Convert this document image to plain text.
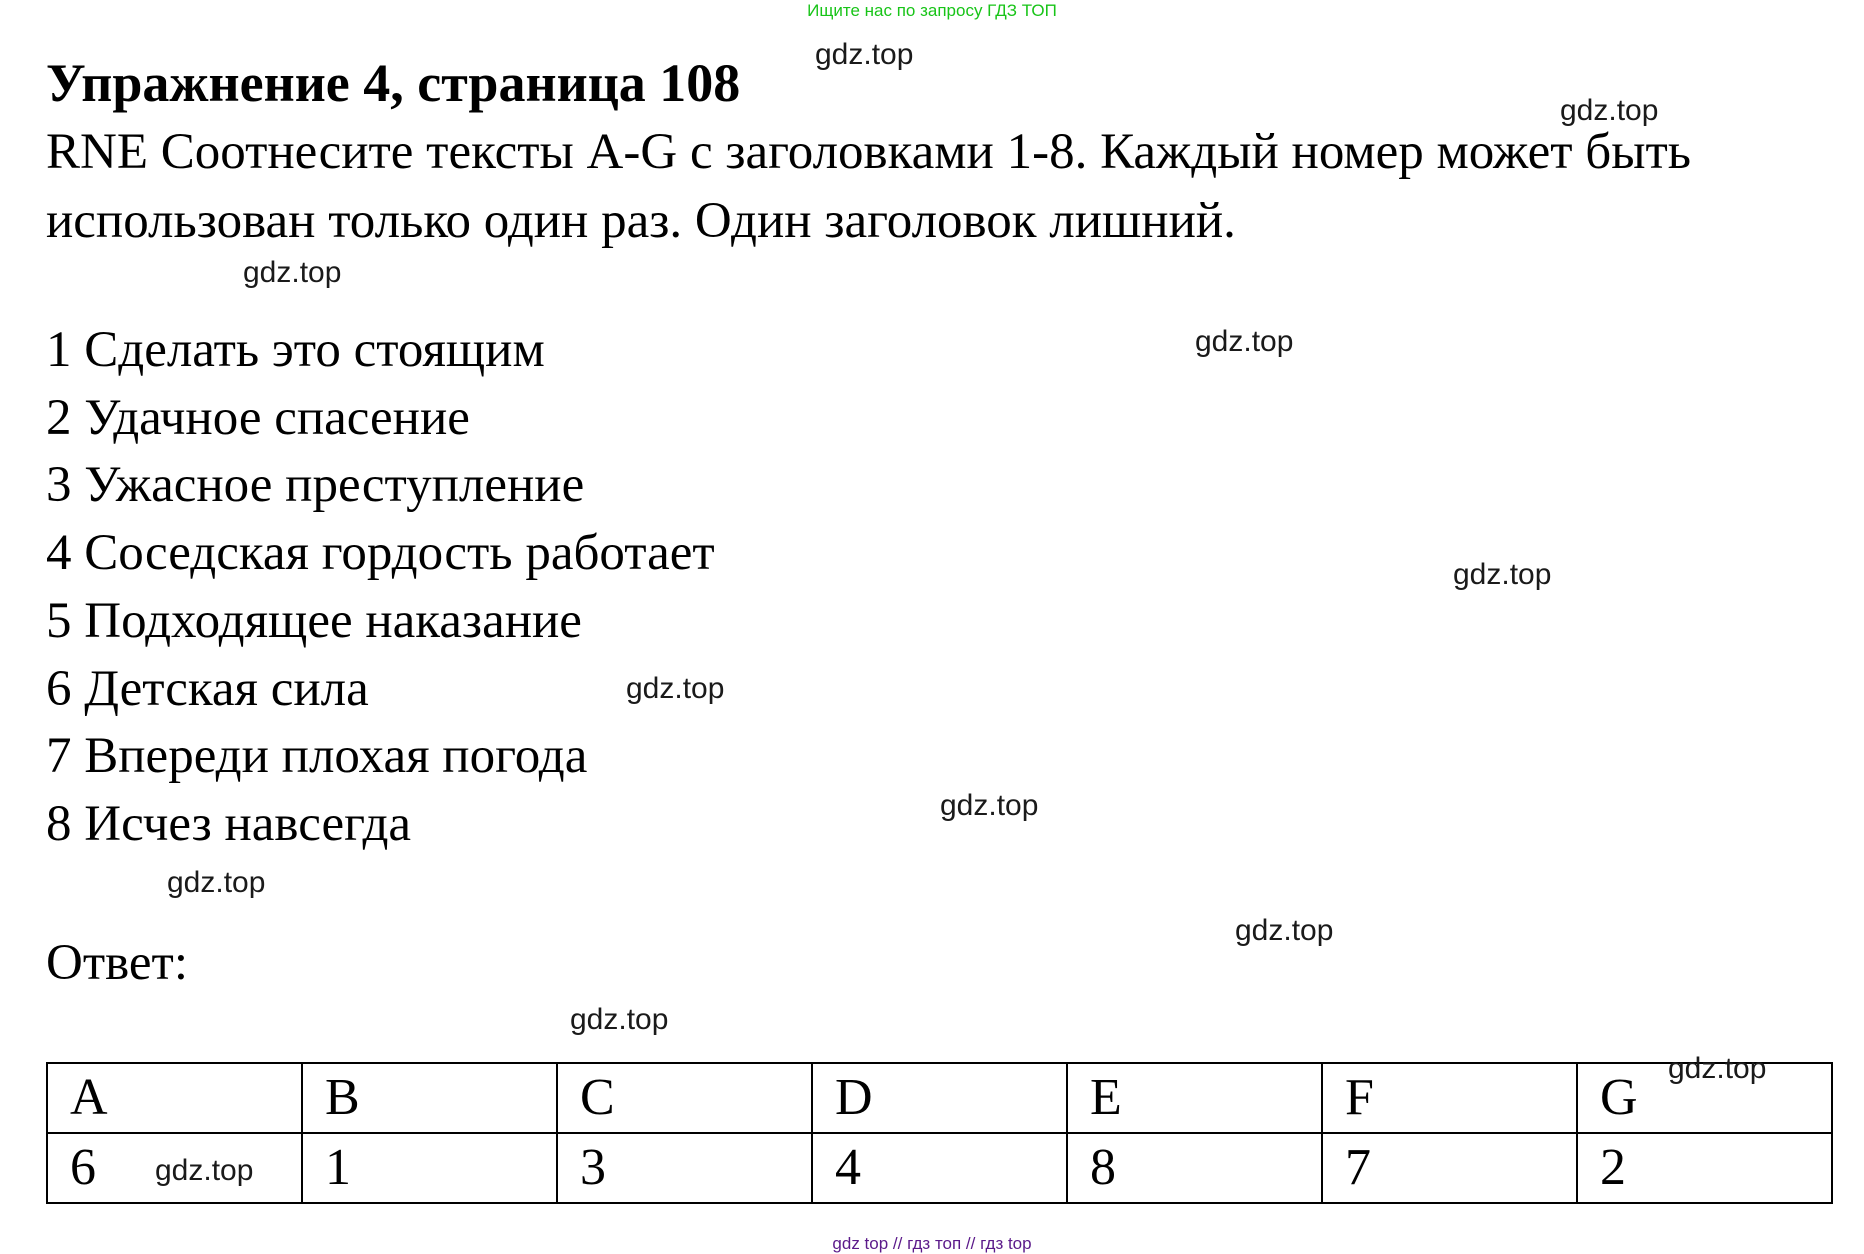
Ищите нас по запросу ГДЗ ТОП
Упражнение 4, страница 108

RNE Соотнесите тексты A-G с заголовками 1-8. Каждый номер может быть использован только один раз. Один заголовок лишний.

1 Сделать это стоящим
2 Удачное спасение
3 Ужасное преступление
4 Соседская гордость работает
5 Подходящее наказание
6 Детская сила
7 Впереди плохая погода
8 Исчез навсегда

Ответ:

A	B	C	D	E	F	G
6	1	3	4	8	7	2
gdz.top
gdz.top
gdz.top
gdz.top
gdz.top
gdz.top
gdz.top
gdz.top
gdz.top
gdz.top
gdz.top
gdz.top
gdz top // гдз топ // гдз top
